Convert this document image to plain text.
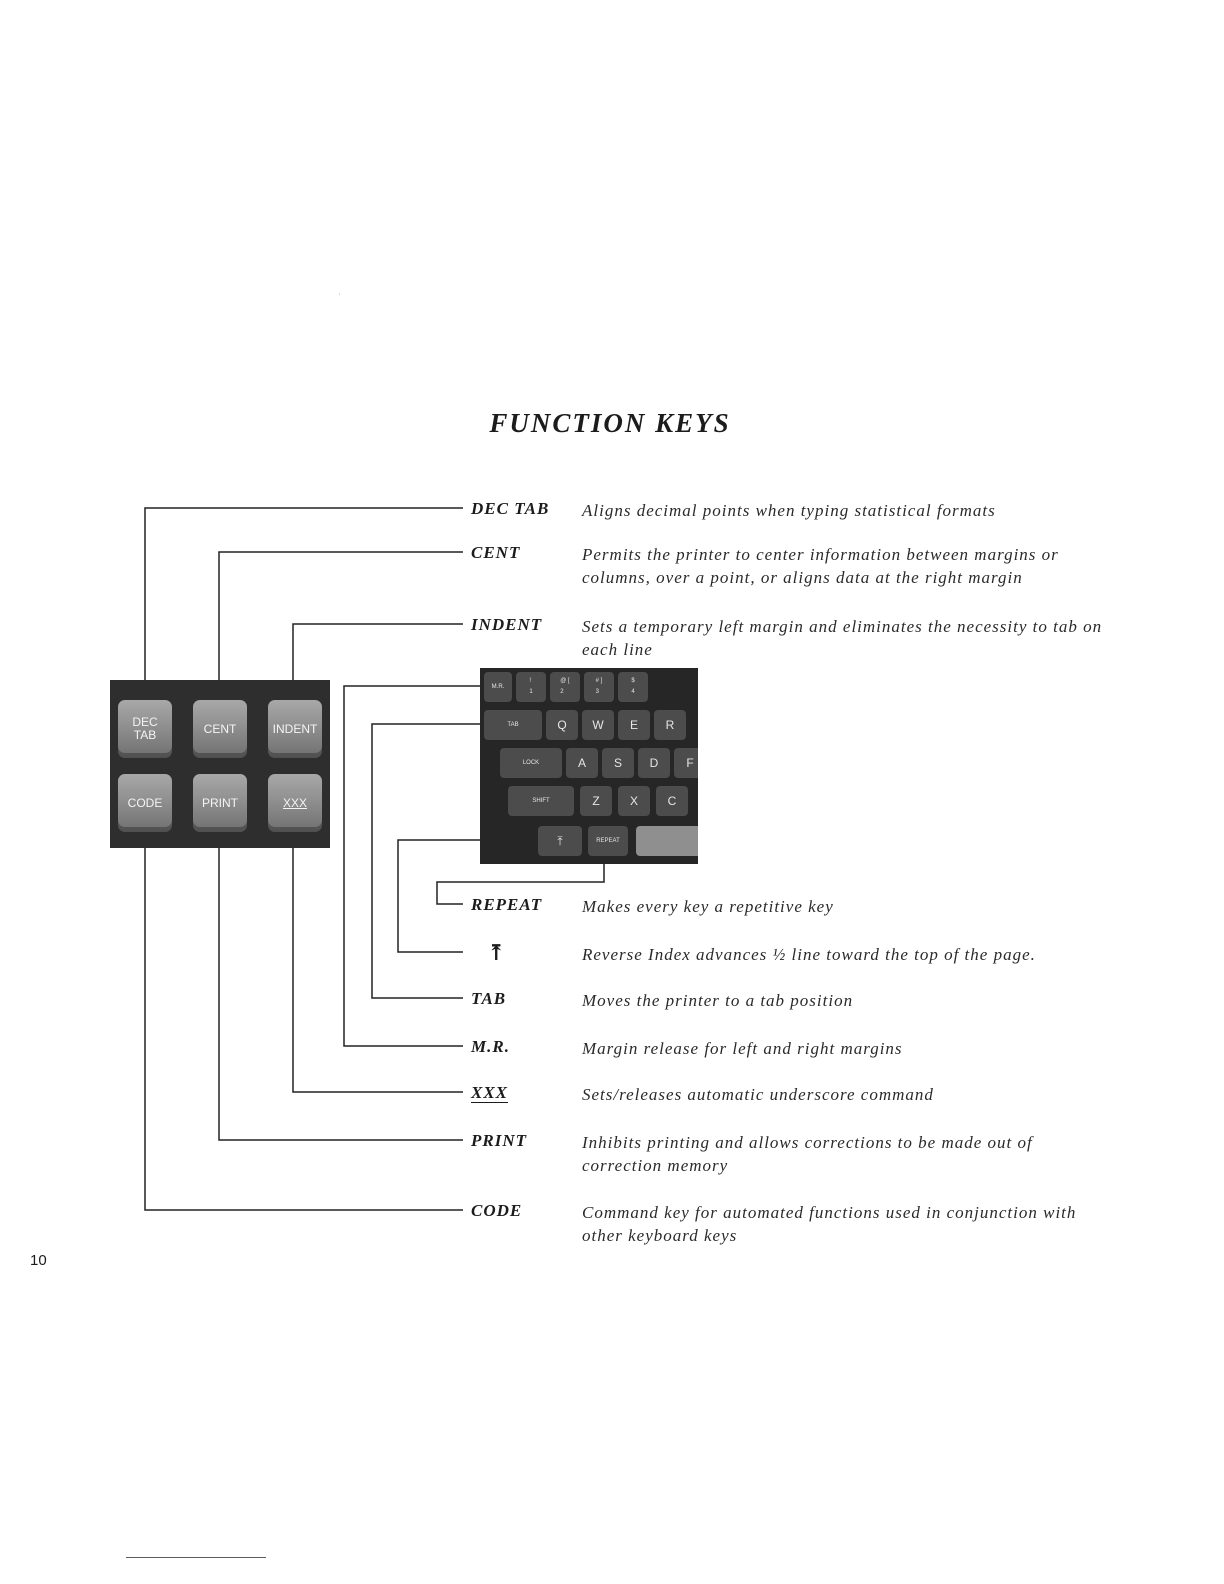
·
FUNCTION KEYS
DEC
TAB	CENT	INDENT
CODE	PRINT	XXX
M.R.
!
1
@ [
2
# ]
3
$
4
TAB	Q	W	E	R
LOCK	A	S	D	F
SHIFT	Z	X	C
⤒	REPEAT
DEC TAB	Aligns decimal points when typing statistical formats
CENT	Permits the printer to center information between margins or columns, over a point, or aligns data at the right margin
INDENT	Sets a temporary left margin and eliminates the necessity to tab on each line
REPEAT	Makes every key a repetitive key
⤒	Reverse Index advances ½ line toward the top of the page.
TAB	Moves the printer to a tab position
M.R.	Margin release for left and right margins
XXX	Sets/releases automatic underscore command
PRINT	Inhibits printing and allows corrections to be made out of correction memory
CODE	Command key for automated functions used in conjunction with other keyboard keys
10
